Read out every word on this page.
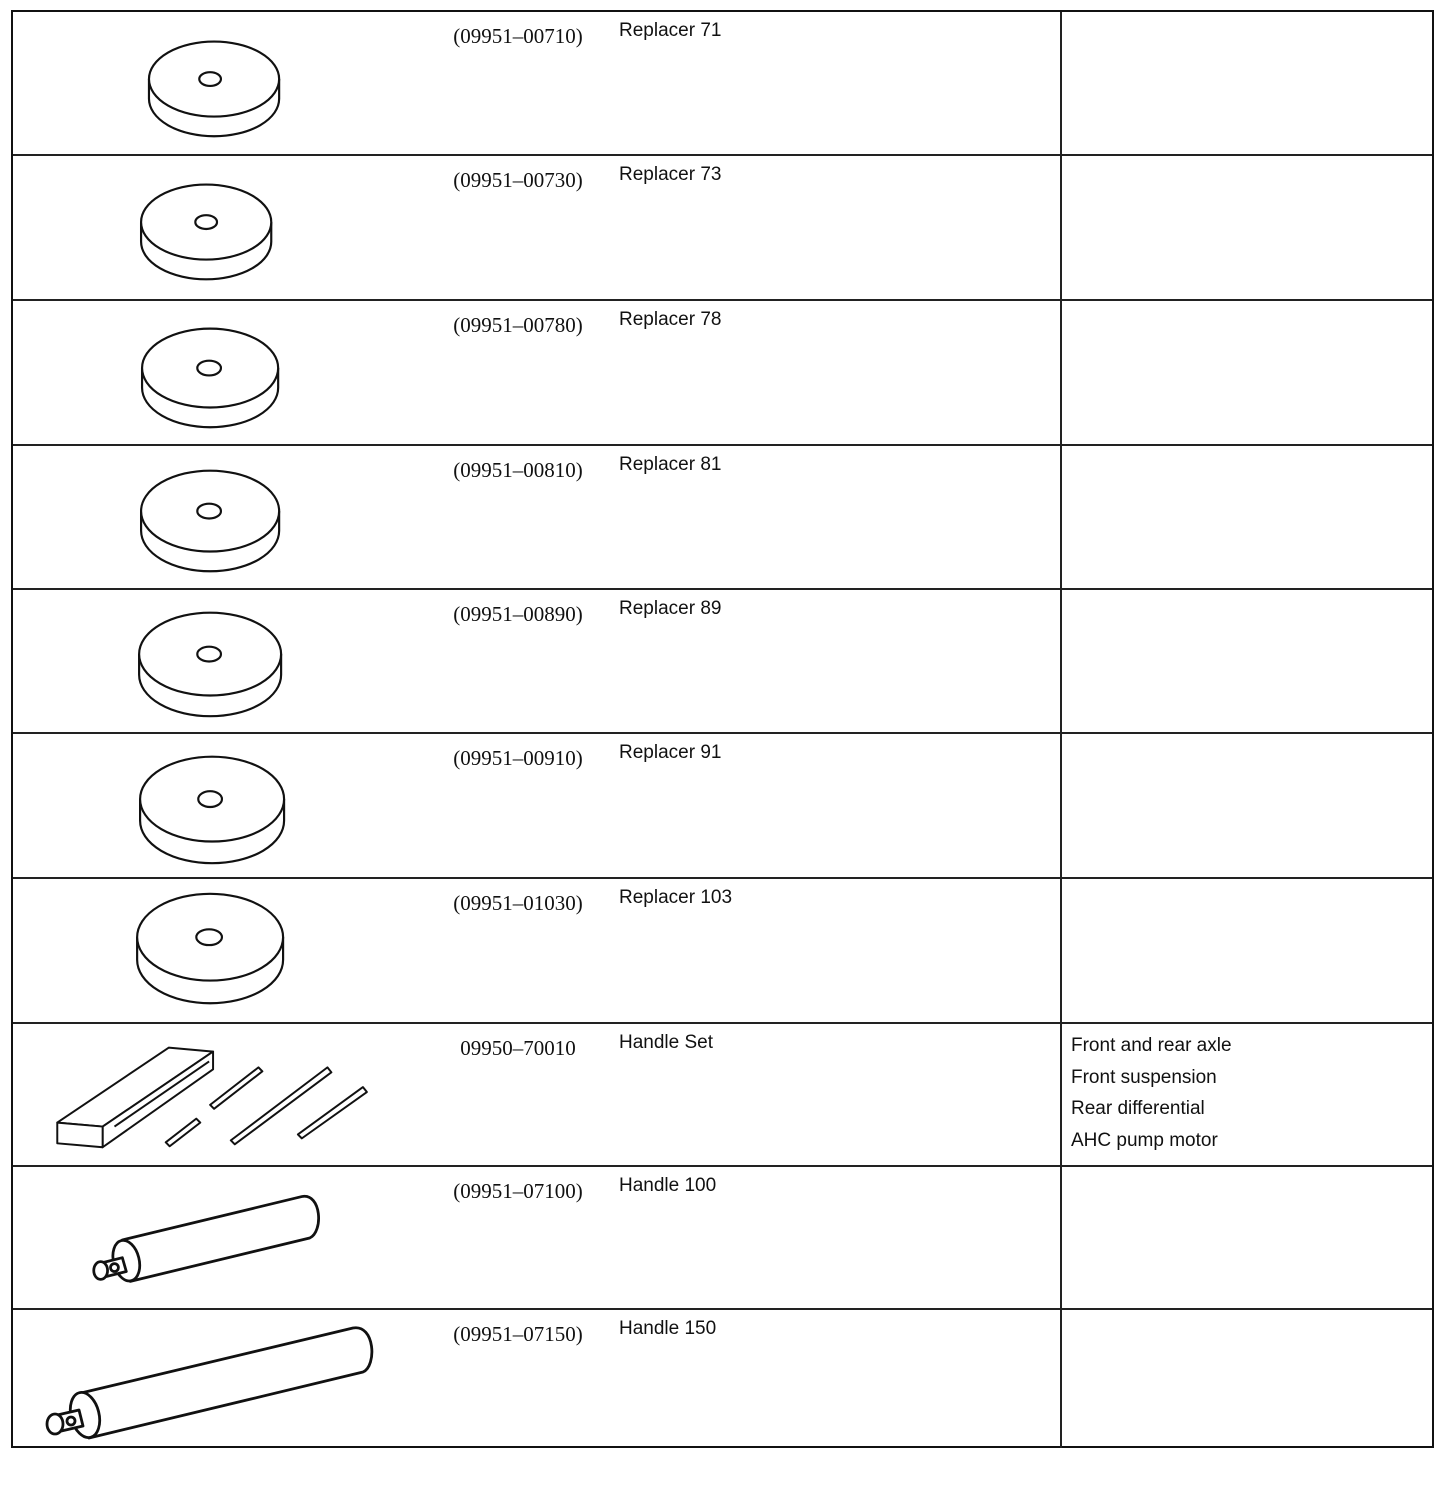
(09951–00710)	Replacer 71
(09951–00730)	Replacer 73
(09951–00780)	Replacer 78
(09951–00810)	Replacer 81
(09951–00890)	Replacer 89
(09951–00910)	Replacer 91
(09951–01030)	Replacer 103
09950–70010	Handle Set	Front and rear axle

Front suspension

Rear differential

AHC pump motor

(09951–07100)	Handle 100
(09951–07150)	Handle 150
